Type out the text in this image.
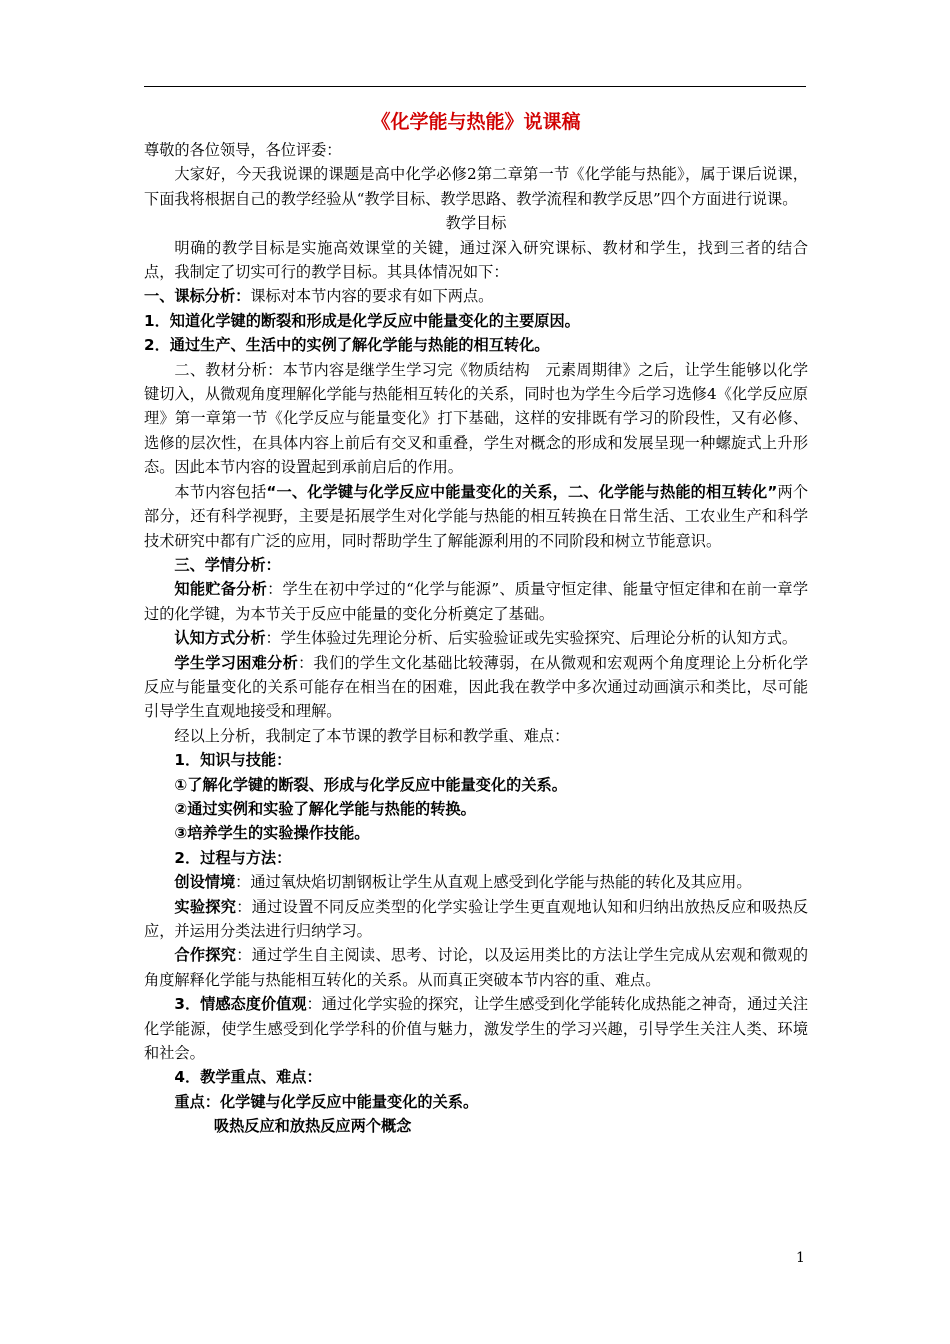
《化学能与热能》说课稿

尊敬的各位领导，各位评委：

大家好，今天我说课的课题是高中化学必修2第二章第一节《化学能与热能》，属于课后说课，下面我将根据自己的教学经验从“教学目标、教学思路、教学流程和教学反思”四个方面进行说课。

教学目标

明确的教学目标是实施高效课堂的关键，通过深入研究课标、教材和学生，找到三者的结合点，我制定了切实可行的教学目标。其具体情况如下：

一、课标分析：课标对本节内容的要求有如下两点。

1．知道化学键的断裂和形成是化学反应中能量变化的主要原因。

2．通过生产、生活中的实例了解化学能与热能的相互转化。

二、教材分析：本节内容是继学生学习完《物质结构　元素周期律》之后，让学生能够以化学键切入，从微观角度理解化学能与热能相互转化的关系，同时也为学生今后学习选修4《化学反应原理》第一章第一节《化学反应与能量变化》打下基础，这样的安排既有学习的阶段性，又有必修、选修的层次性，在具体内容上前后有交叉和重叠，学生对概念的形成和发展呈现一种螺旋式上升形态。因此本节内容的设置起到承前启后的作用。

本节内容包括“一、化学键与化学反应中能量变化的关系，二、化学能与热能的相互转化”两个部分，还有科学视野，主要是拓展学生对化学能与热能的相互转换在日常生活、工农业生产和科学技术研究中都有广泛的应用，同时帮助学生了解能源利用的不同阶段和树立节能意识。

三、学情分析：

知能贮备分析：学生在初中学过的“化学与能源”、质量守恒定律、能量守恒定律和在前一章学过的化学键，为本节关于反应中能量的变化分析奠定了基础。

认知方式分析：学生体验过先理论分析、后实验验证或先实验探究、后理论分析的认知方式。

学生学习困难分析：我们的学生文化基础比较薄弱，在从微观和宏观两个角度理论上分析化学反应与能量变化的关系可能存在相当在的困难，因此我在教学中多次通过动画演示和类比，尽可能引导学生直观地接受和理解。

经以上分析，我制定了本节课的教学目标和教学重、难点：

1．知识与技能：

①了解化学键的断裂、形成与化学反应中能量变化的关系。

②通过实例和实验了解化学能与热能的转换。

③培养学生的实验操作技能。

2．过程与方法：

创设情境：通过氧炔焰切割钢板让学生从直观上感受到化学能与热能的转化及其应用。

实验探究：通过设置不同反应类型的化学实验让学生更直观地认知和归纳出放热反应和吸热反应，并运用分类法进行归纳学习。

合作探究：通过学生自主阅读、思考、讨论，以及运用类比的方法让学生完成从宏观和微观的角度解释化学能与热能相互转化的关系。从而真正突破本节内容的重、难点。

3．情感态度价值观：通过化学实验的探究，让学生感受到化学能转化成热能之神奇，通过关注化学能源，使学生感受到化学学科的价值与魅力，激发学生的学习兴趣，引导学生关注人类、环境和社会。

4．教学重点、难点：

重点：化学键与化学反应中能量变化的关系。

吸热反应和放热反应两个概念

1
